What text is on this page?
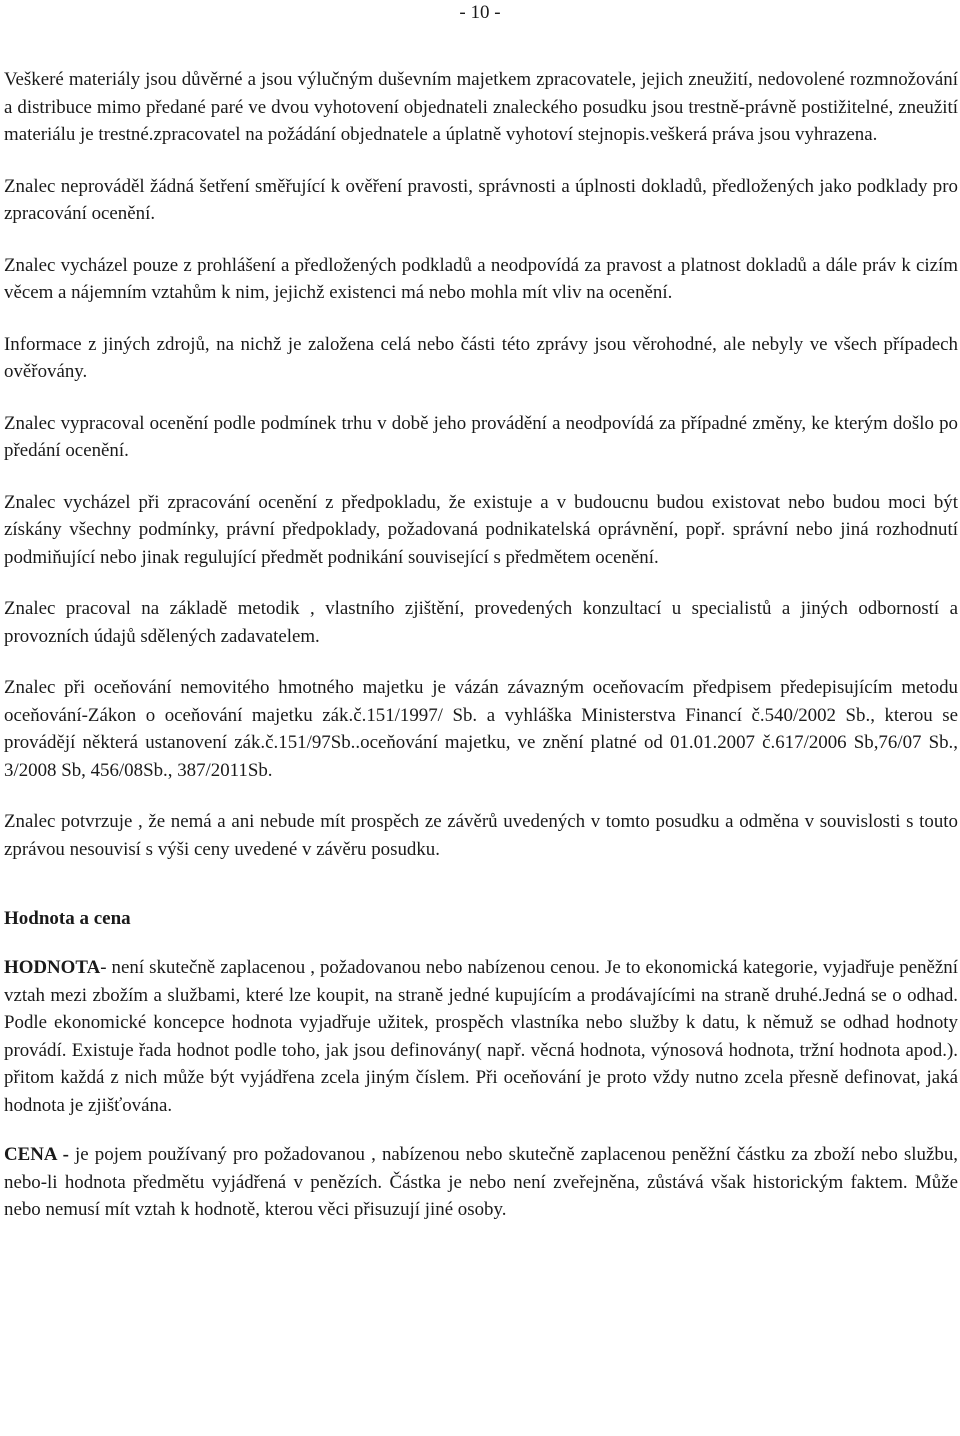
- 10 -

Veškeré materiály jsou důvěrné a jsou výlučným duševním majetkem zpracovatele, jejich zneužití, nedovolené rozmnožování a distribuce mimo předané paré ve dvou vyhotovení objednateli znaleckého posudku jsou trestně-právně postižitelné, zneužití materiálu je trestné.zpracovatel na požádání objednatele a úplatně vyhotoví stejnopis.veškerá práva jsou vyhrazena.

Znalec neprováděl žádná šetření směřující k ověření pravosti, správnosti a úplnosti dokladů, předložených jako podklady pro zpracování ocenění.

Znalec vycházel pouze z prohlášení a předložených podkladů a neodpovídá za pravost a platnost dokladů a dále práv k cizím věcem a nájemním vztahům k nim, jejichž existenci má nebo mohla mít vliv na ocenění.

Informace z jiných zdrojů, na nichž je založena celá nebo části této zprávy jsou věrohodné, ale nebyly ve všech případech ověřovány.

Znalec vypracoval ocenění podle podmínek trhu v době jeho provádění a neodpovídá za případné změny, ke kterým došlo po předání ocenění.

Znalec vycházel při zpracování ocenění z předpokladu, že existuje a v budoucnu budou existovat nebo budou moci být získány všechny podmínky, právní předpoklady, požadovaná podnikatelská oprávnění, popř. správní nebo jiná rozhodnutí podmiňující nebo jinak regulující předmět podnikání související s předmětem ocenění.

Znalec pracoval na základě metodik , vlastního zjištění, provedených konzultací u specialistů a jiných odborností a provozních údajů sdělených zadavatelem.

Znalec při oceňování nemovitého hmotného majetku je vázán závazným oceňovacím předpisem předepisujícím metodu oceňování-Zákon o oceňování majetku zák.č.151/1997/ Sb. a vyhláška Ministerstva Financí č.540/2002 Sb., kterou se provádějí některá ustanovení zák.č.151/97Sb..oceňování majetku, ve znění platné od 01.01.2007 č.617/2006 Sb,76/07 Sb., 3/2008 Sb, 456/08Sb., 387/2011Sb.

Znalec potvrzuje , že nemá a ani nebude mít prospěch ze závěrů uvedených v tomto posudku a odměna v souvislosti s touto zprávou nesouvisí s výši ceny uvedené v závěru posudku.

Hodnota a cena

HODNOTA- není skutečně zaplacenou , požadovanou nebo nabízenou cenou. Je to ekonomická kategorie, vyjadřuje peněžní vztah mezi zbožím a službami, které lze koupit, na straně jedné kupujícím a prodávajícími na straně druhé.Jedná se o odhad. Podle ekonomické koncepce hodnota vyjadřuje užitek, prospěch vlastníka nebo služby k datu, k němuž se odhad hodnoty provádí. Existuje řada hodnot podle toho, jak jsou definovány( např. věcná hodnota, výnosová hodnota, tržní hodnota apod.). přitom každá z nich může být vyjádřena zcela jiným číslem. Při oceňování je proto vždy nutno zcela přesně definovat, jaká hodnota je zjišťována.

CENA - je pojem používaný pro požadovanou , nabízenou nebo skutečně zaplacenou peněžní částku za zboží nebo službu, nebo-li hodnota předmětu vyjádřená v penězích. Částka je nebo není zveřejněna, zůstává však historickým faktem. Může nebo nemusí mít vztah k hodnotě, kterou věci přisuzují jiné osoby.
